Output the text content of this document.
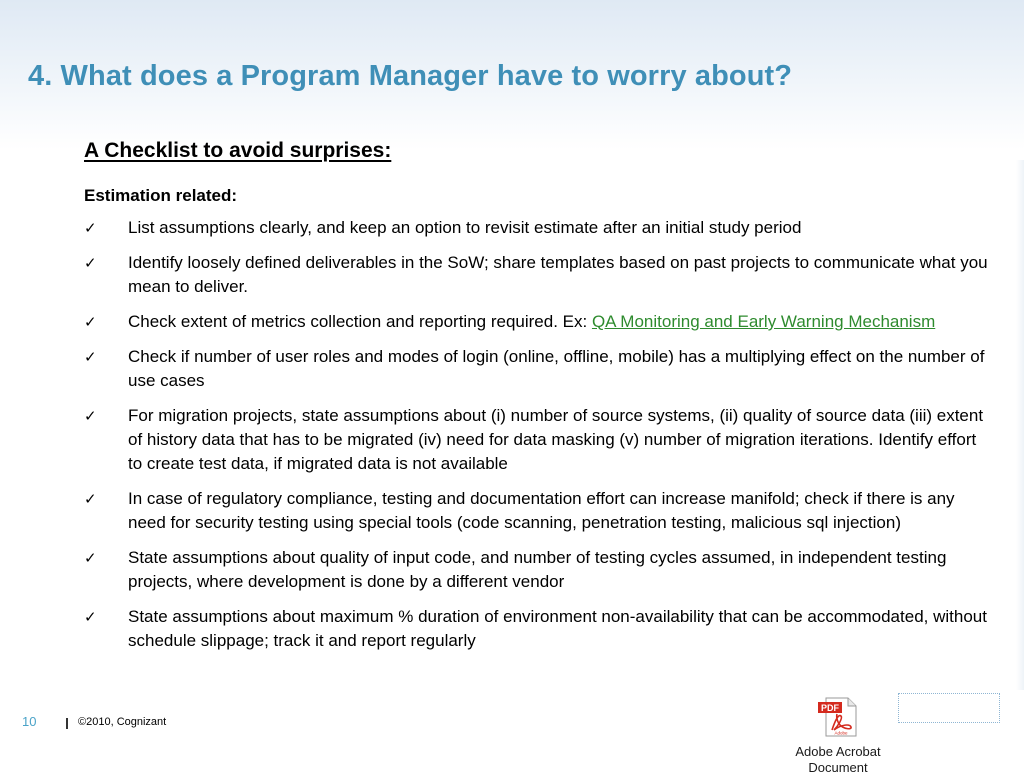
4. What does a Program Manager have to worry about?
A Checklist to avoid surprises:

Estimation related:

✓ List assumptions clearly, and keep an option to revisit estimate after an initial study period
✓ Identify loosely defined deliverables in the SoW; share templates based on past projects to communicate what you mean to deliver.
✓ Check extent of metrics collection and reporting required. Ex: QA Monitoring and Early Warning Mechanism
✓ Check if number of user roles and modes of login (online, offline, mobile) has a multiplying effect on the number of use cases
✓ For migration projects, state assumptions about (i) number of source systems, (ii) quality of source data (iii) extent of history data that has to be migrated (iv) need for data masking (v) number of migration iterations. Identify effort to create test data, if migrated data is not available
✓ In case of regulatory compliance, testing and documentation effort can increase manifold; check if there is any need for security testing using special tools (code scanning, penetration testing, malicious sql injection)
✓ State assumptions about quality of input code, and number of testing cycles assumed, in independent testing projects, where development is done by a different vendor
✓ State assumptions about maximum % duration of environment non-availability that can be accommodated, without schedule slippage; track it and report regularly
10	©2010, Cognizant
PDF
Adobe
Adobe Acrobat
Document
